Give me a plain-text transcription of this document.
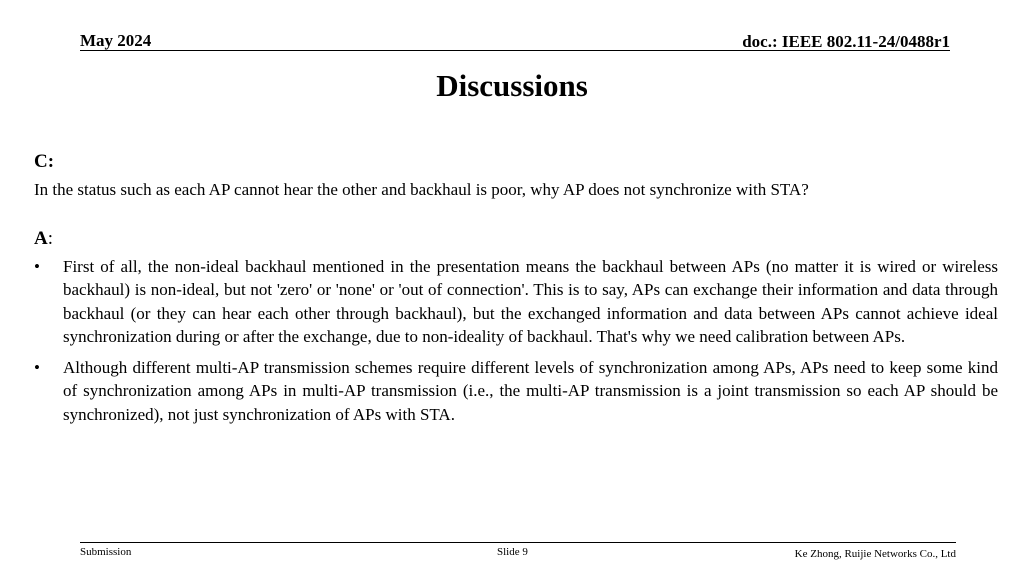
May 2024	doc.: IEEE 802.11-24/0488r1
Discussions
C:

In the status such as each AP cannot hear the other and backhaul is poor, why AP does not synchronize with STA?

A:
• First of all, the non-ideal backhaul mentioned in the presentation means the backhaul between APs (no matter it is wired or wireless backhaul) is non-ideal, but not 'zero' or 'none' or 'out of connection'. This is to say, APs can exchange their information and data through backhaul (or they can hear each other through backhaul), but the exchanged information and data between APs cannot achieve ideal synchronization during or after the exchange, due to non-ideality of backhaul. That's why we need calibration between APs.
• Although different multi-AP transmission schemes require different levels of synchronization among APs, APs need to keep some kind of synchronization among APs in multi-AP transmission (i.e., the multi-AP transmission is a joint transmission so each AP should be synchronized), not just synchronization of APs with STA.
Submission	Slide 9	Ke Zhong, Ruijie Networks Co., Ltd
